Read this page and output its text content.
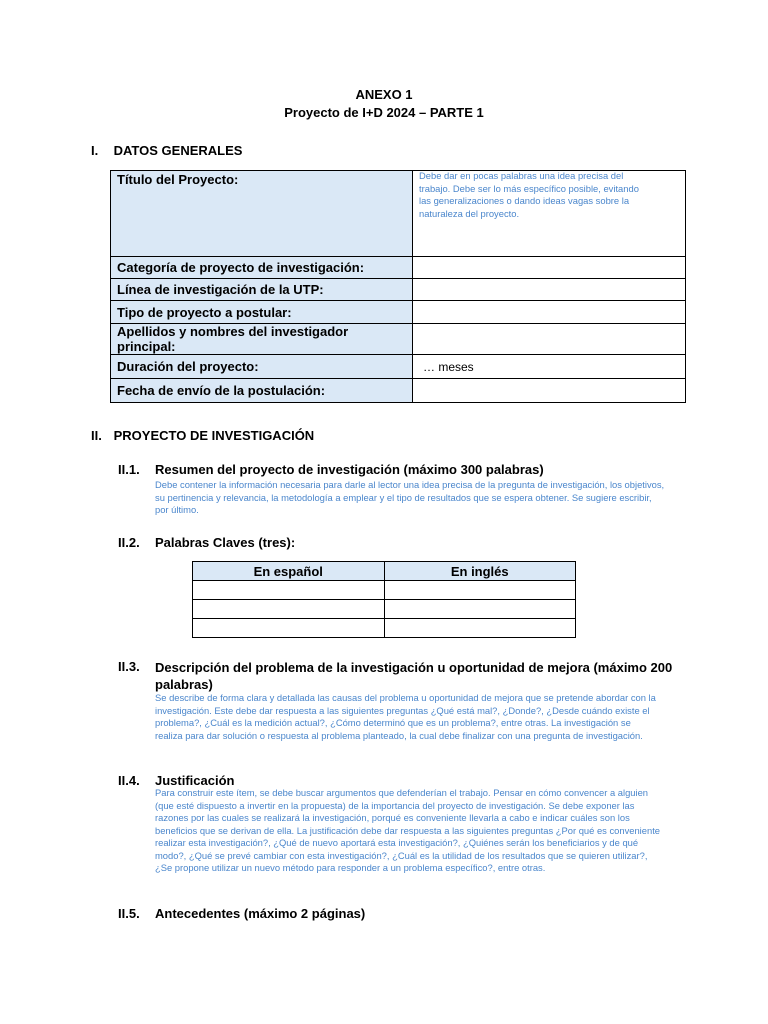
ANEXO 1
Proyecto de I+D 2024 – PARTE 1
I. DATOS GENERALES
Título del Proyecto:	Debe dar en pocas palabras una idea precisa del trabajo. Debe ser lo más específico posible, evitando las generalizaciones o dando ideas vagas sobre la naturaleza del proyecto.

Categoría de proyecto de investigación:	
Línea de investigación de la UTP:	
Tipo de proyecto a postular:	
Apellidos y nombres del investigador principal:	
Duración del proyecto:	… meses
Fecha de envío de la postulación:	
II. PROYECTO DE INVESTIGACIÓN
II.1. Resumen del proyecto de investigación (máximo 300 palabras)
Debe contener la información necesaria para darle al lector una idea precisa de la pregunta de investigación, los objetivos, su pertinencia y relevancia, la metodología a emplear y el tipo de resultados que se espera obtener. Se sugiere escribir, por último.
II.2. Palabras Claves (tres):
En español	En inglés

II.3. Descripción del problema de la investigación u oportunidad de mejora (máximo 200 palabras)
Se describe de forma clara y detallada las causas del problema u oportunidad de mejora que se pretende abordar con la investigación. Este debe dar respuesta a las siguientes preguntas ¿Qué está mal?, ¿Donde?, ¿Desde cuándo existe el problema?, ¿Cuál es la medición actual?, ¿Cómo determinó que es un problema?, entre otras. La investigación se realiza para dar solución o respuesta al problema planteado, la cual debe finalizar con una pregunta de investigación.
II.4. Justificación
Para construir este ítem, se debe buscar argumentos que defenderían el trabajo. Pensar en cómo convencer a alguien (que esté dispuesto a invertir en la propuesta) de la importancia del proyecto de investigación. Se debe exponer las razones por las cuales se realizará la investigación, porqué es conveniente llevarla a cabo e indicar cuáles son los beneficios que se derivan de ella. La justificación debe dar respuesta a las siguientes preguntas ¿Por qué es conveniente realizar esta investigación?, ¿Qué de nuevo aportará esta investigación?, ¿Quiénes serán los beneficiarios y de qué modo?, ¿Qué se prevé cambiar con esta investigación?, ¿Cuál es la utilidad de los resultados que se quieren utilizar?, ¿Se propone utilizar un nuevo método para responder a un problema específico?, entre otras.
II.5. Antecedentes (máximo 2 páginas)
